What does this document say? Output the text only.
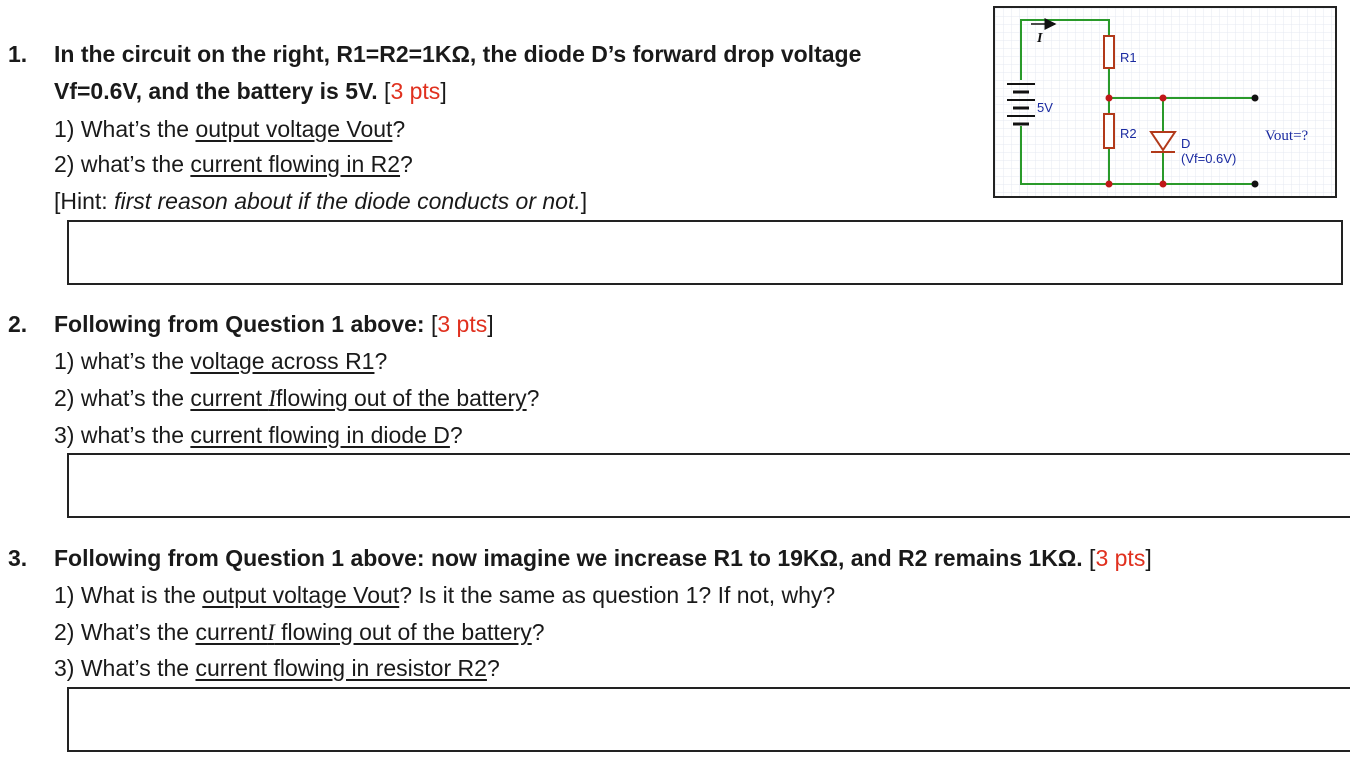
1. In the circuit on the right, R1=R2=1KΩ, the diode D’s forward drop voltage
Vf=0.6V, and the battery is 5V. [3 pts]
1) What’s the output voltage Vout?
2) what’s the current flowing in R2?
[Hint: first reason about if the diode conducts or not.]
5V
I
R1
R2
D
(Vf=0.6V)
Vout=?
2. Following from Question 1 above: [3 pts]
1) what’s the voltage across R1?
2) what’s the current Iflowing out of the battery?
3) what’s the current flowing in diode D?
3. Following from Question 1 above: now imagine we increase R1 to 19KΩ, and R2 remains 1KΩ. [3 pts]
1) What is the output voltage Vout? Is it the same as question 1? If not, why?
2) What’s the currentI flowing out of the battery?
3) What’s the current flowing in resistor R2?
